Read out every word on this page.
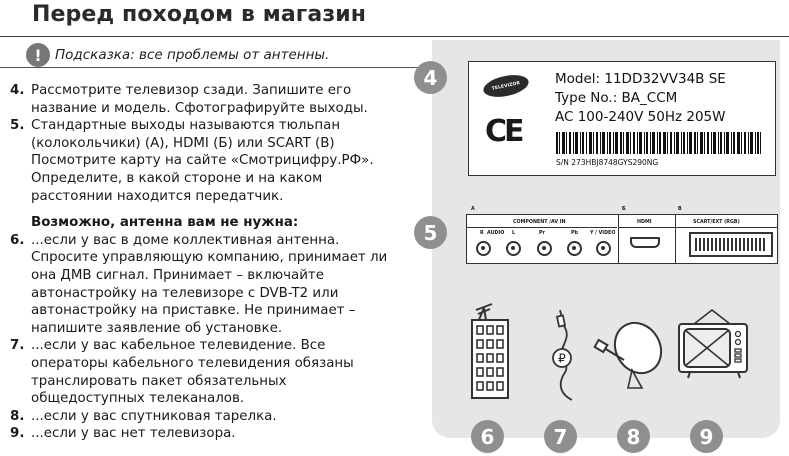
Перед походом в магазин
! Подсказка: все проблемы от антенны.
4. Рассмотрите телевизор сзади. Запишите его название и модель. Сфотографируйте выходы.
5. Стандартные выходы называются тюльпан (колокольчики) (A), HDMI (Б) или SCART (B) Посмотрите карту на сайте «Смотрицифру.РФ». Определите, в какой стороне и на каком расстоянии находится передатчик.
Возможно, антенна вам не нужна:
6. ...если у вас в доме коллективная антенна. Спросите управляющую компанию, принимает ли она ДМВ сигнал. Принимает – включайте автонастройку на телевизоре с DVB-T2 или автонастройку на приставке. Не принимает – напишите заявление об установке.
7. ...если у вас кабельное телевидение. Все операторы кабельного телевидения обязаны транслировать пакет обязательных общедоступных телеканалов.
8. ...если у вас спутниковая тарелка.
9. ...если у вас нет телевизора.
4
5
6	7	8	9
TELEVIZOR
CE
Model: 11DD32VV34B SE
Type No.: BA_CCM
AC 100-240V 50Hz 205W
S/N 273HBJ8748GYS290NG
A
COMPONENT /AV IN
R AUDIO L	Pr	Pb	Y / VIDEO
Б
HDMI
В
SCART/EXT (RGB)
₽
